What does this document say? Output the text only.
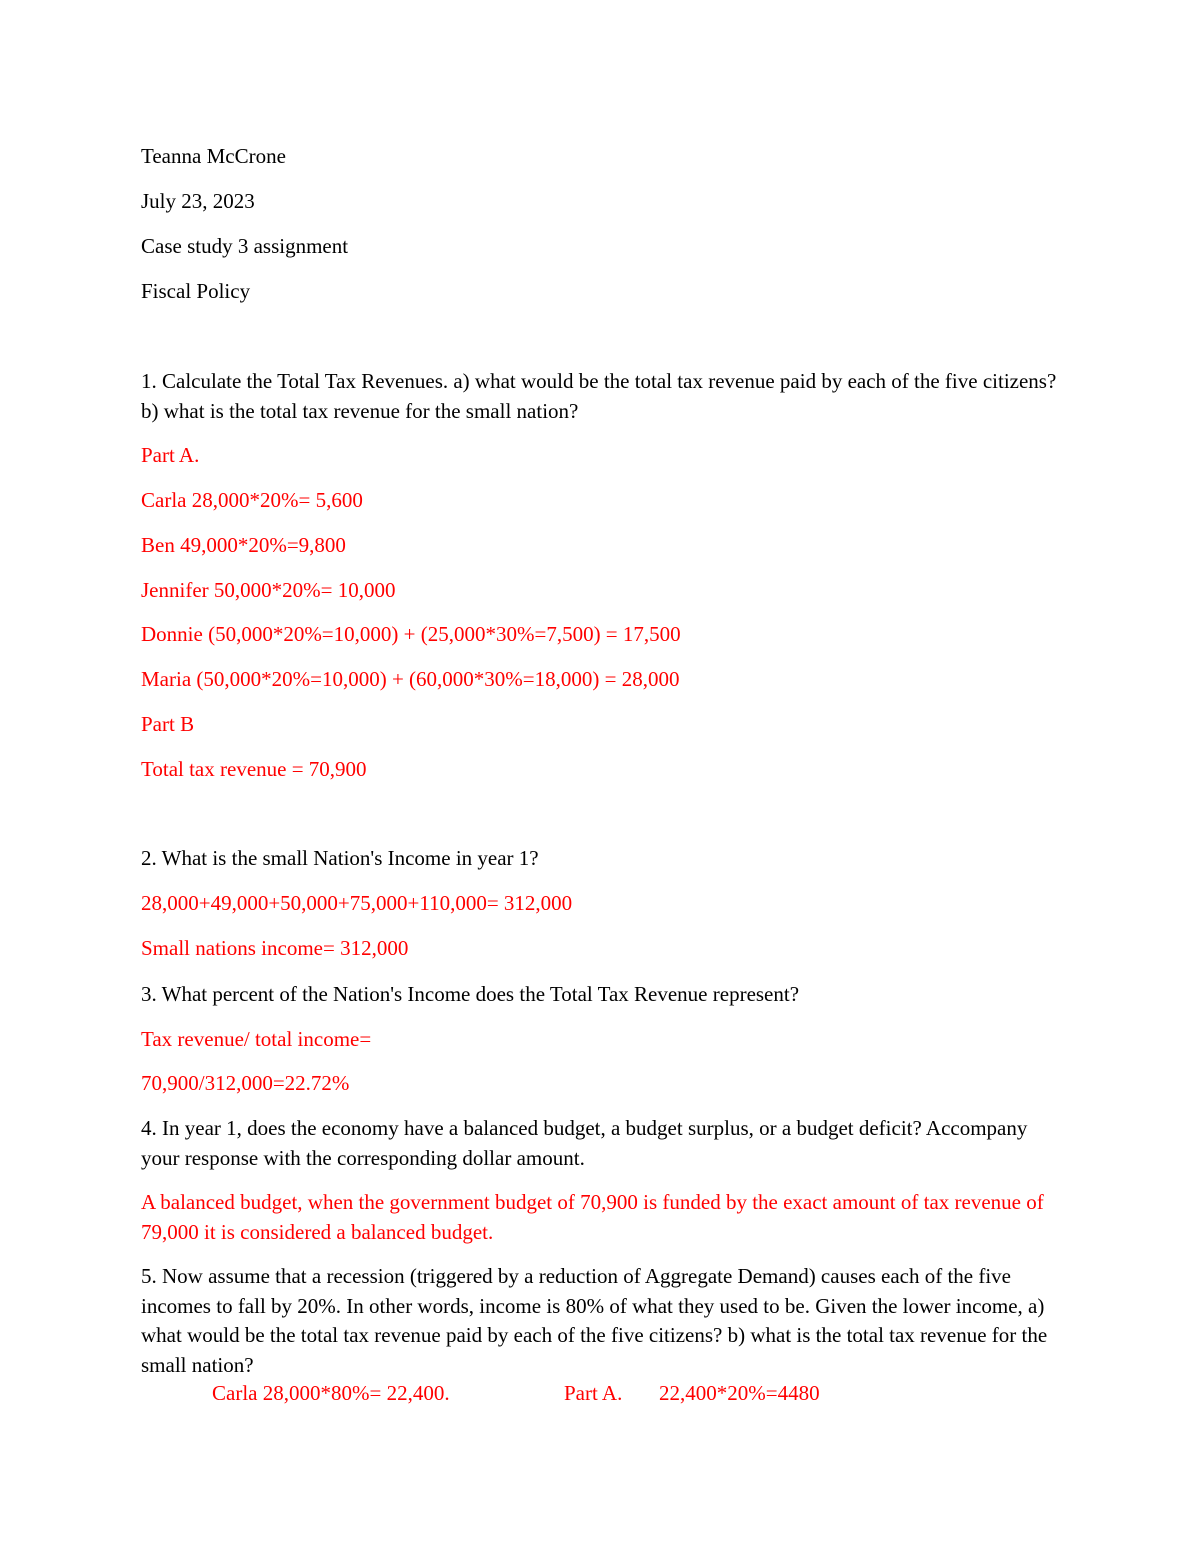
Teanna McCrone
July 23, 2023
Case study 3 assignment
Fiscal Policy
1. Calculate the Total Tax Revenues. a) what would be the total tax revenue paid by each of the five citizens? b) what is the total tax revenue for the small nation?
Part A.
Carla 28,000*20%= 5,600
Ben 49,000*20%=9,800
Jennifer 50,000*20%= 10,000
Donnie (50,000*20%=10,000) + (25,000*30%=7,500) = 17,500
Maria (50,000*20%=10,000) + (60,000*30%=18,000) = 28,000
Part B
Total tax revenue = 70,900
2. What is the small Nation's Income in year 1?
28,000+49,000+50,000+75,000+110,000= 312,000
Small nations income= 312,000
3. What percent of the Nation's Income does the Total Tax Revenue represent?
Tax revenue/ total income=
70,900/312,000=22.72%
4. In year 1, does the economy have a balanced budget, a budget surplus, or a budget deficit? Accompany your response with the corresponding dollar amount.
A balanced budget, when the government budget of 70,900 is funded by the exact amount of tax revenue of 79,000 it is considered a balanced budget.
5. Now assume that a recession (triggered by a reduction of Aggregate Demand) causes each of the five incomes to fall by 20%. In other words, income is 80% of what they used to be. Given the lower income, a) what would be the total tax revenue paid by each of the five citizens? b) what is the total tax revenue for the small nation?
Carla 28,000*80%= 22,400.	Part A. 22,400*20%=4480
